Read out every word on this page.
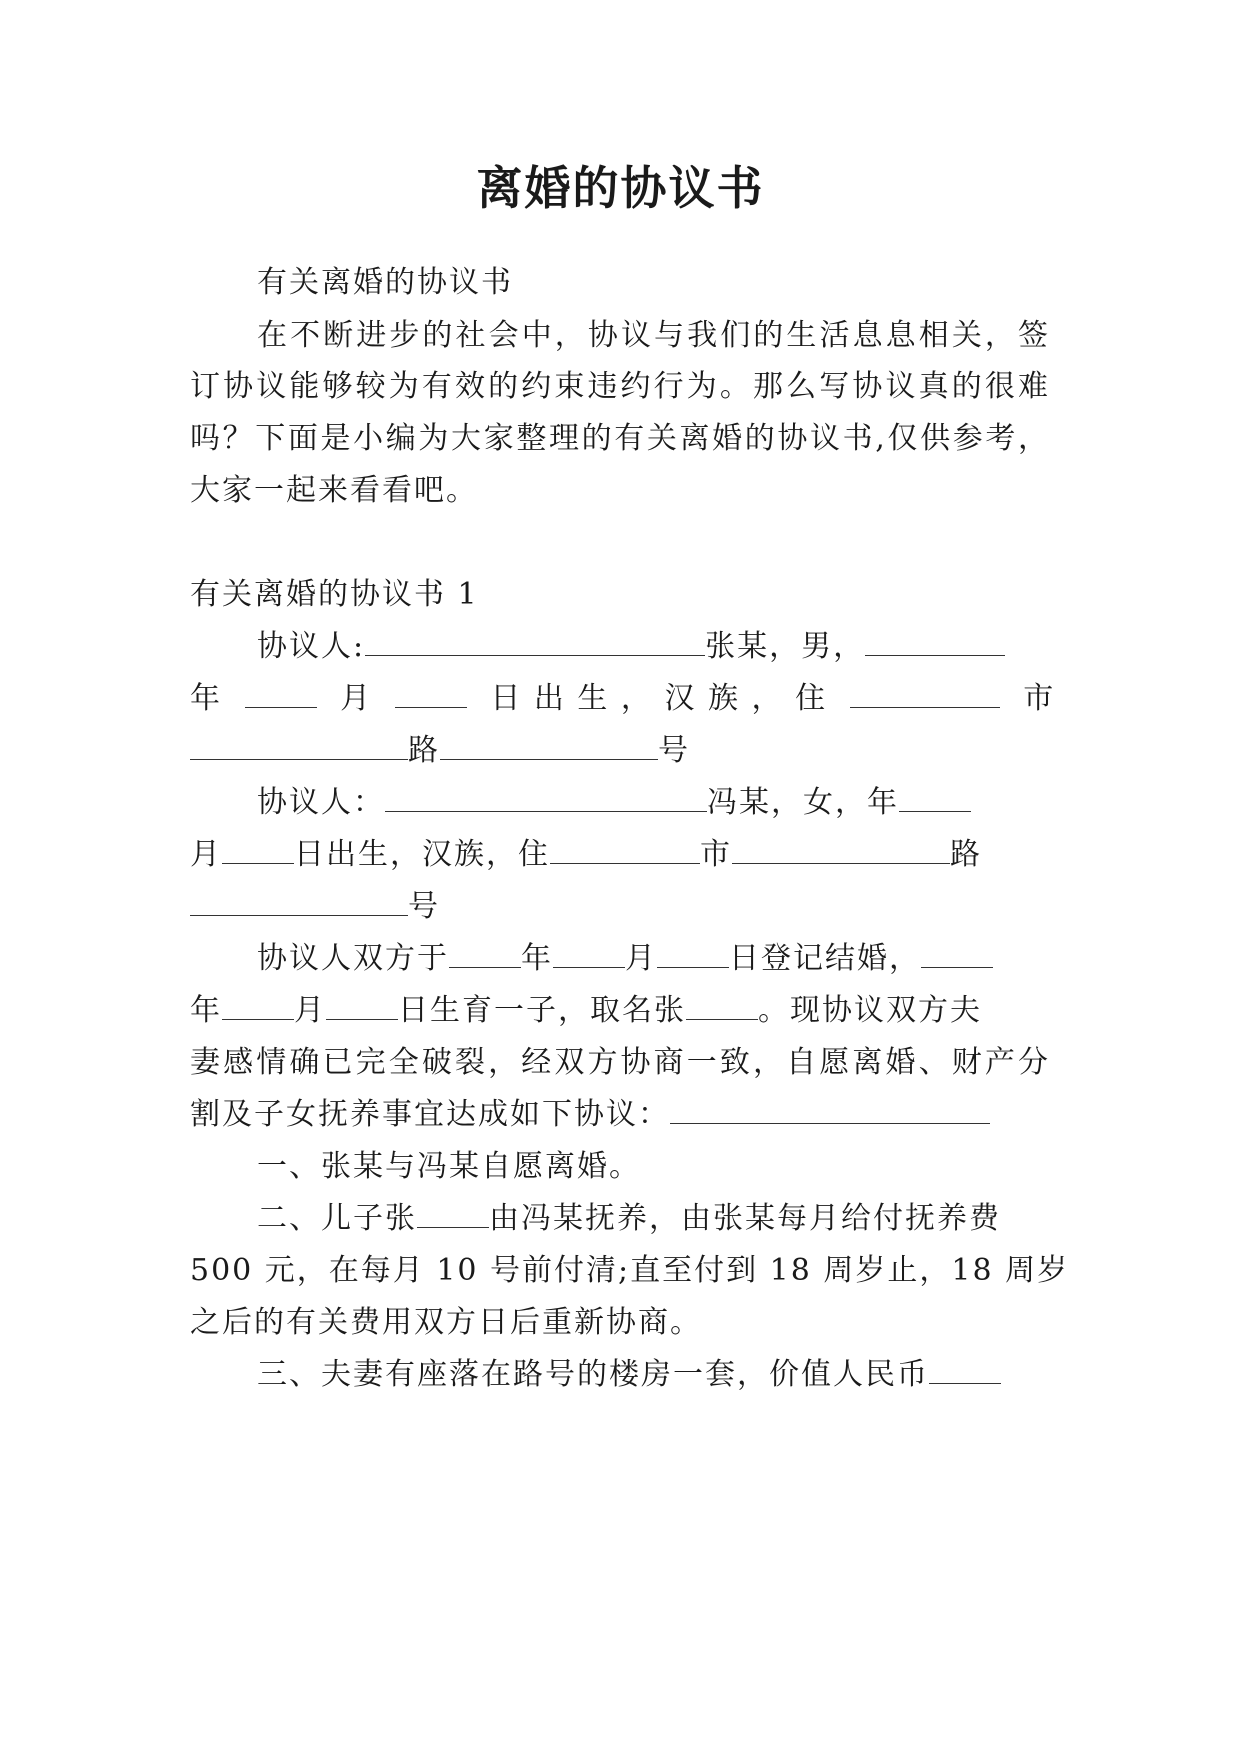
离婚的协议书
有关离婚的协议书
在不断进步的社会中，协议与我们的生活息息相关，签
订协议能够较为有效的约束违约行为。那么写协议真的很难
吗？下面是小编为大家整理的有关离婚的协议书,仅供参考，
大家一起来看看吧。
有关离婚的协议书 1
协议人:	张某，男，
年	月	日 出 生 ， 汉 族 ， 住	市
路	号
协议人：	冯某，女，年
月 日出生，汉族，住	市	路
号
协议人双方于 年 月 日登记结婚，
年 月 日生育一子，取名张 。现协议双方夫
妻感情确已完全破裂，经双方协商一致，自愿离婚、财产分
割及子女抚养事宜达成如下协议：
一、张某与冯某自愿离婚。
二、儿子张 由冯某抚养，由张某每月给付抚养费
500 元，在每月 10 号前付清;直至付到 18 周岁止，18 周岁
之后的有关费用双方日后重新协商。
三、夫妻有座落在路号的楼房一套，价值人民币
